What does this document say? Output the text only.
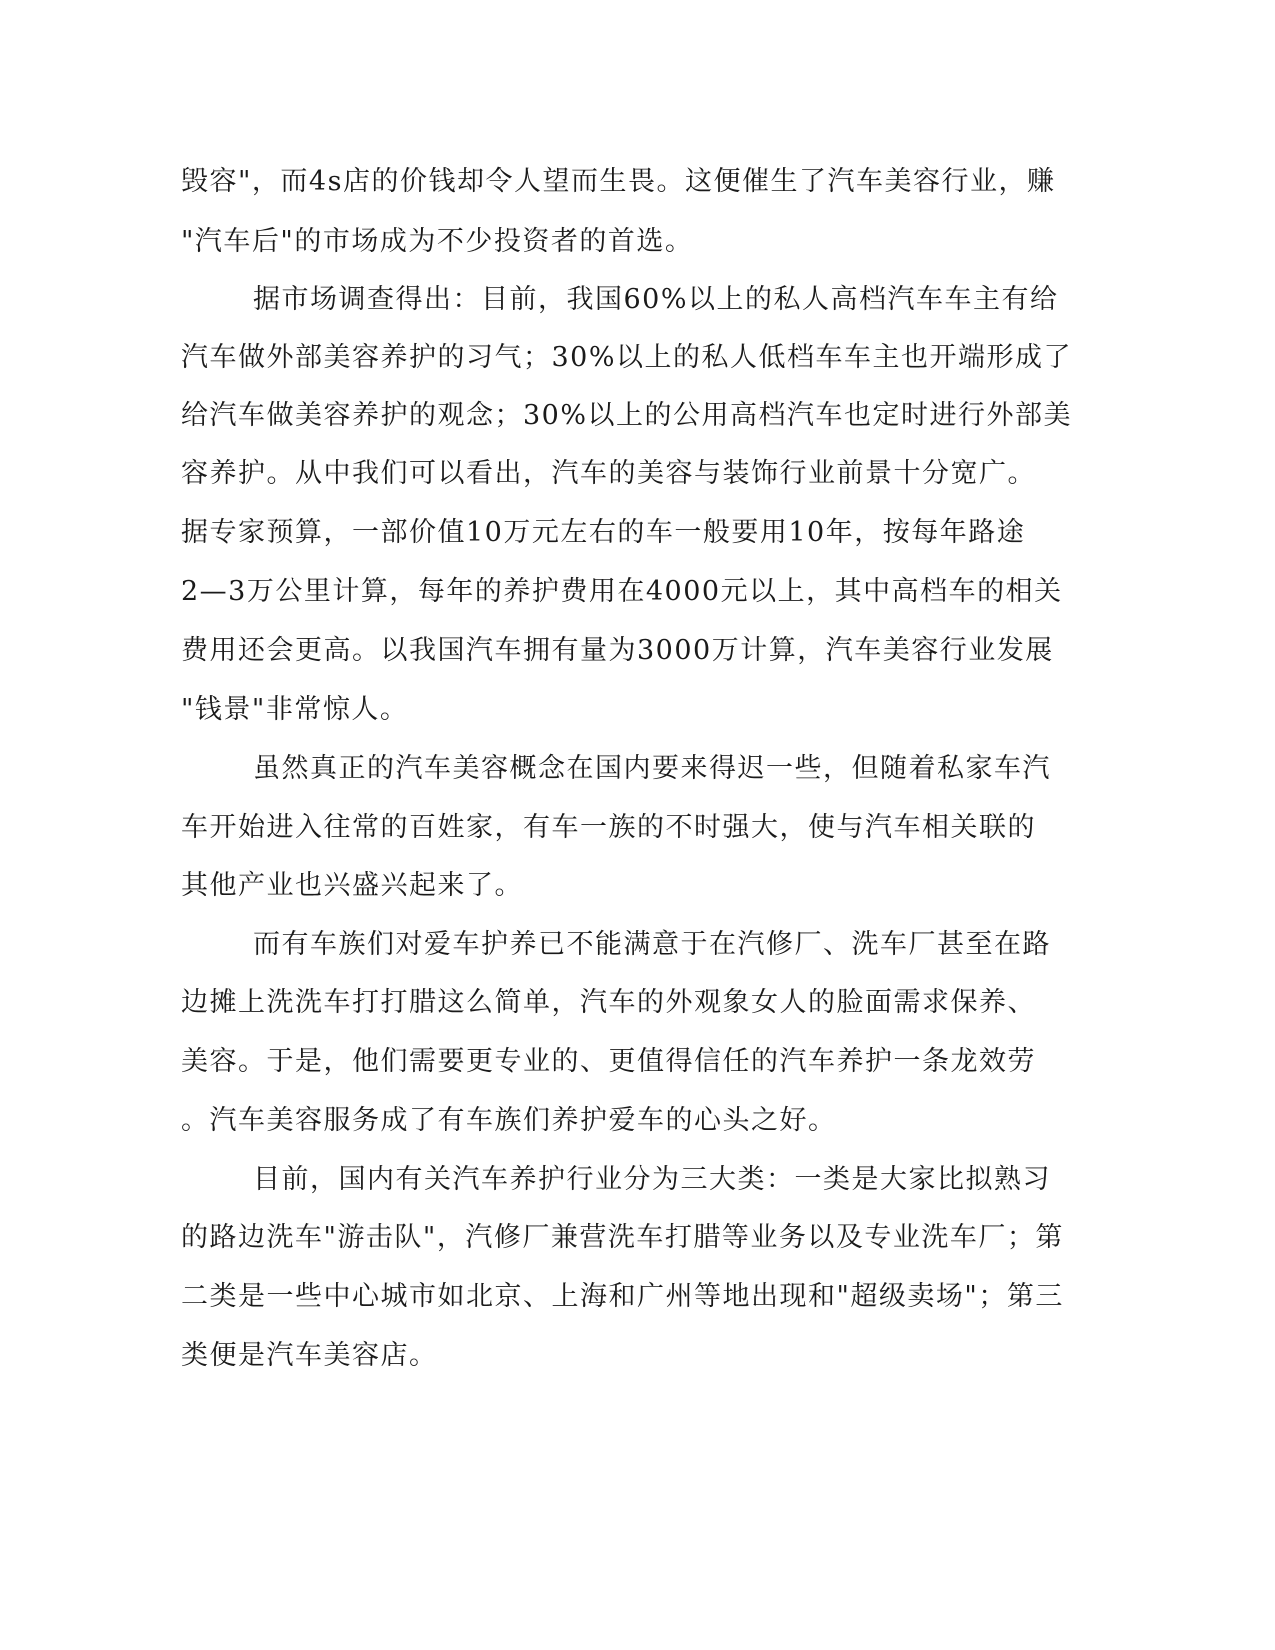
毁容"，而4s店的价钱却令人望而生畏。这便催生了汽车美容行业，赚
"汽车后"的市场成为不少投资者的首选。
据市场调查得出：目前，我国60%以上的私人高档汽车车主有给
汽车做外部美容养护的习气；30%以上的私人低档车车主也开端形成了
给汽车做美容养护的观念；30%以上的公用高档汽车也定时进行外部美
容养护。从中我们可以看出，汽车的美容与装饰行业前景十分宽广。
据专家预算，一部价值10万元左右的车一般要用10年，按每年路途
2—3万公里计算，每年的养护费用在4000元以上，其中高档车的相关
费用还会更高。以我国汽车拥有量为3000万计算，汽车美容行业发展
"钱景"非常惊人。
虽然真正的汽车美容概念在国内要来得迟一些，但随着私家车汽
车开始进入往常的百姓家，有车一族的不时强大，使与汽车相关联的
其他产业也兴盛兴起来了。
而有车族们对爱车护养已不能满意于在汽修厂、洗车厂甚至在路
边摊上洗洗车打打腊这么简单，汽车的外观象女人的脸面需求保养、
美容。于是，他们需要更专业的、更值得信任的汽车养护一条龙效劳
。汽车美容服务成了有车族们养护爱车的心头之好。
目前，国内有关汽车养护行业分为三大类：一类是大家比拟熟习
的路边洗车"游击队"，汽修厂兼营洗车打腊等业务以及专业洗车厂；第
二类是一些中心城市如北京、上海和广州等地出现和"超级卖场"；第三
类便是汽车美容店。
